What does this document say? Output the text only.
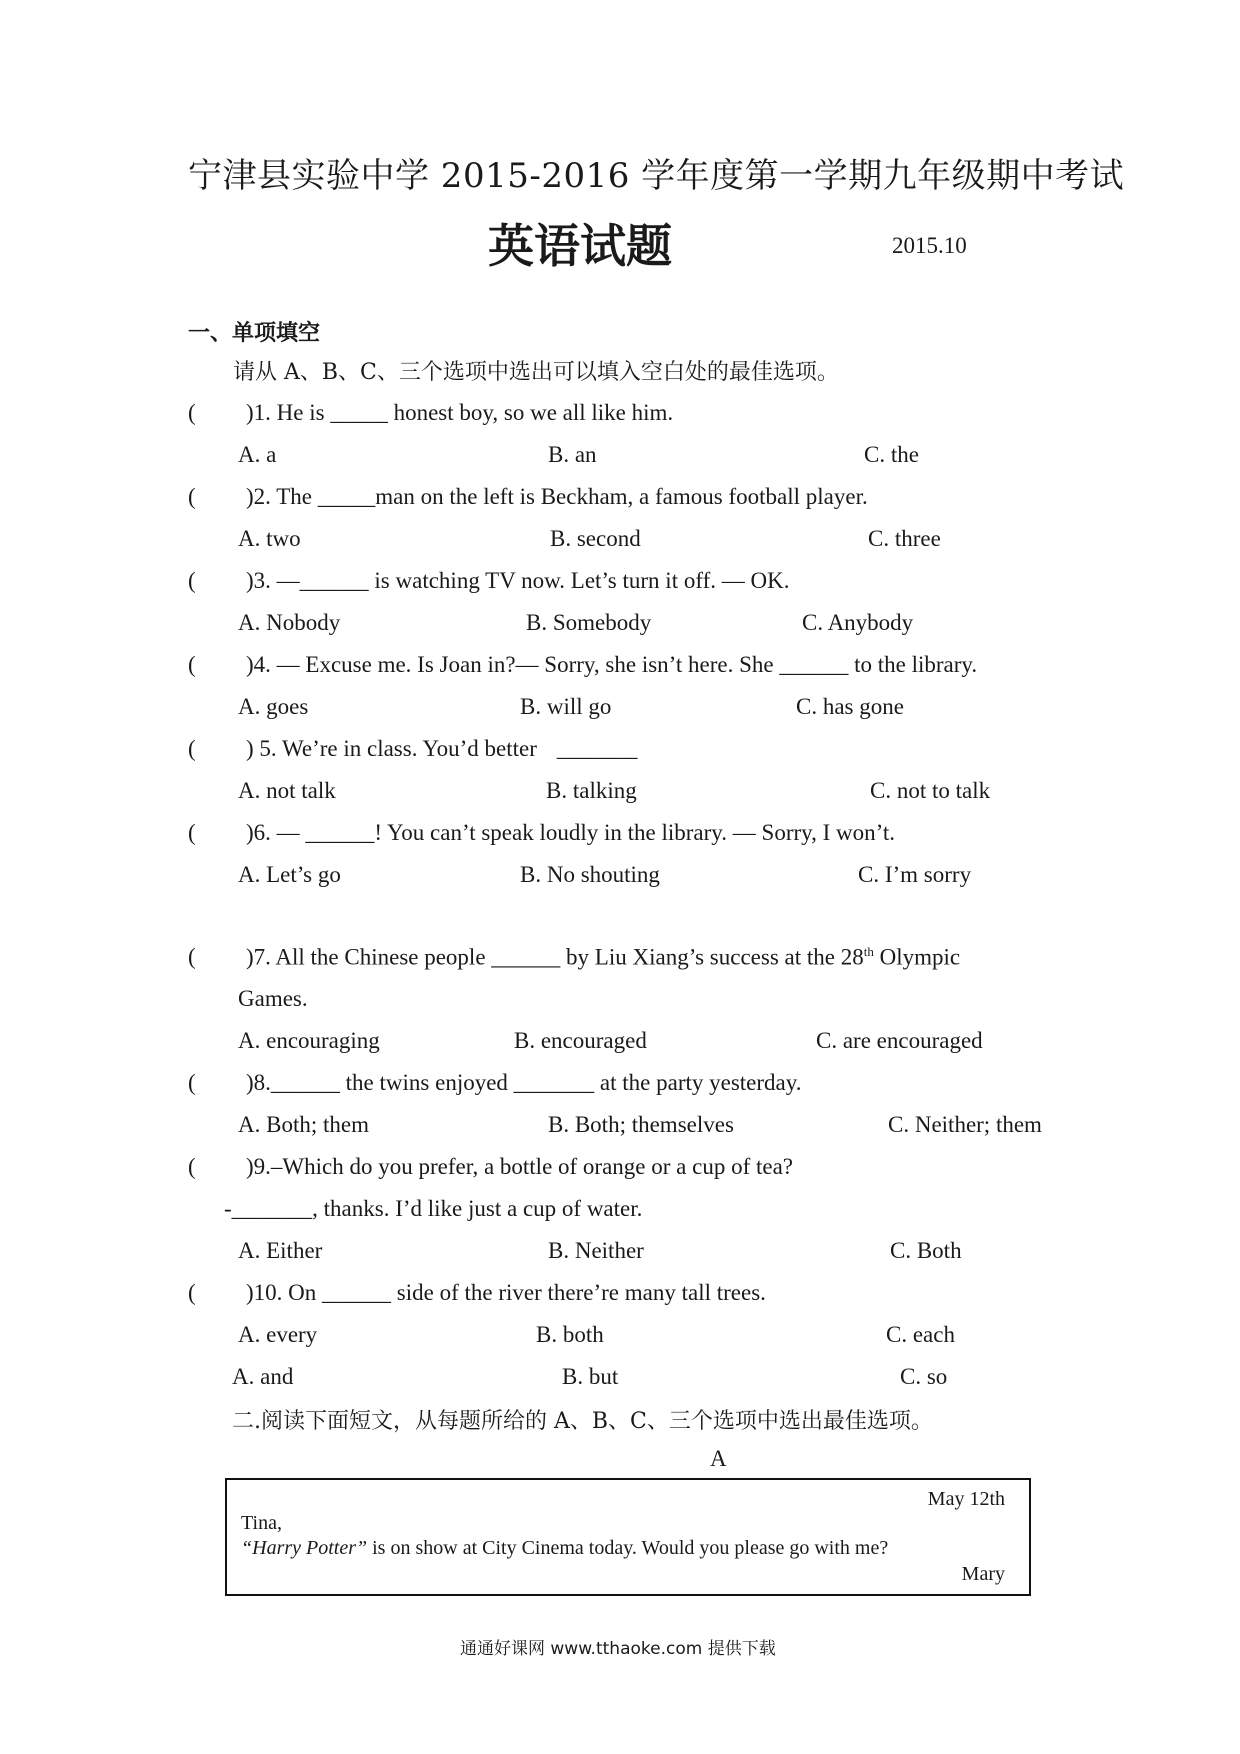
宁津县实验中学 2015-2016 学年度第一学期九年级期中考试
英语试题	2015.10
一、单项填空
请从 A、B、C、三个选项中选出可以填入空白处的最佳选项。
( )1. He is _____ honest boy, so we all like him.
A. a	B. an	C. the
( )2. The _____man on the left is Beckham, a famous football player.
A. two	B. second	C. three
( )3. —______ is watching TV now. Let’s turn it off. — OK.
A. Nobody	B. Somebody	C. Anybody
( )4. — Excuse me. Is Joan in?— Sorry, she isn’t here. She ______ to the library.
A. goes	B. will go	C. has gone
( ) 5. We’re in class. You’d better _______
A. not talk	B. talking	C. not to talk
( )6. — ______! You can’t speak loudly in the library. — Sorry, I won’t.
A. Let’s go	B. No shouting	C. I’m sorry
( )7. All the Chinese people ______ by Liu Xiang’s success at the 28th Olympic
Games.
A. encouraging	B. encouraged	C. are encouraged
( )8.______ the twins enjoyed _______ at the party yesterday.
A. Both; them	B. Both; themselves	C. Neither; them
( )9.–Which do you prefer, a bottle of orange or a cup of tea?
-_______, thanks. I’d like just a cup of water.
A. Either	B. Neither	C. Both
( )10. On ______ side of the river there’re many tall trees.
A. every	B. both	C. each
A. and	B. but	C. so
二.阅读下面短文，从每题所给的 A、B、C、三个选项中选出最佳选项。
A
May 12th
Tina,
“Harry Potter” is on show at City Cinema today. Would you please go with me?
Mary
通通好课网 www.tthaoke.com 提供下载
